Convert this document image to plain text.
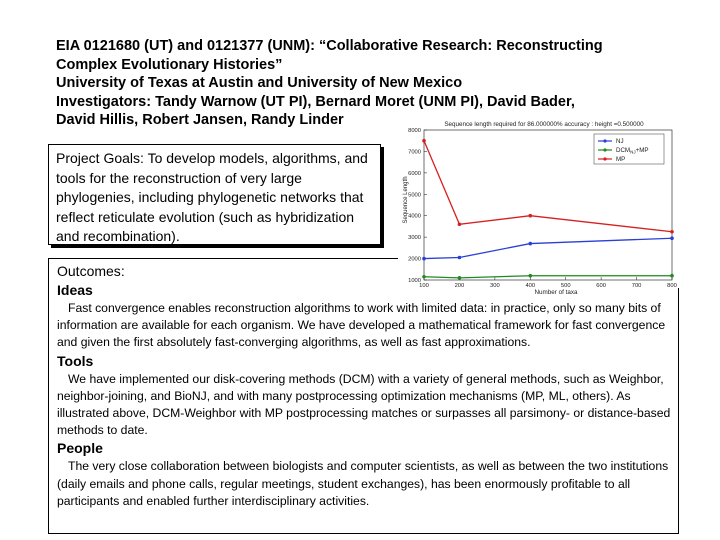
EIA 0121680 (UT) and 0121377 (UNM): “Collaborative Research: Reconstructing
Complex Evolutionary Histories”
University of Texas at Austin and University of New Mexico
Investigators: Tandy Warnow (UT PI), Bernard Moret (UNM PI), David Bader,
David Hillis, Robert Jansen, Randy Linder
Project Goals: To develop models, algorithms, and tools for the reconstruction of very large phylogenies, including phylogenetic networks that reflect reticulate evolution (such as hybridization and recombination).
Outcomes:
Ideas

Fast convergence enables reconstruction algorithms to work with limited data: in practice, only so many bits of information are available for each organism. We have developed a mathematical framework for fast convergence and given the first absolutely fast-converging algorithms, as well as fast approximations.

Tools

We have implemented our disk-covering methods (DCM) with a variety of general methods, such as Weighbor, neighbor-joining, and BioNJ, and with many postprocessing optimization mechanisms (MP, ML, others). As illustrated above, DCM-Weighbor with MP postprocessing matches or surpasses all parsimony- or distance-based methods to date.

People

The very close collaboration between biologists and computer scientists, as well as between the two institutions (daily emails and phone calls, regular meetings, student exchanges), has been enormously profitable to all participants and enabled further interdisciplinary activities.

Sequence length required for 86.000000% accuracy : height =0.500000
Sequence Length
Number of taxa
1000
2000
3000
4000
5000
6000
7000
8000
100	200	300	400	500	600	700	800
NJ
$DCM_{NJ}+MP$
MP
